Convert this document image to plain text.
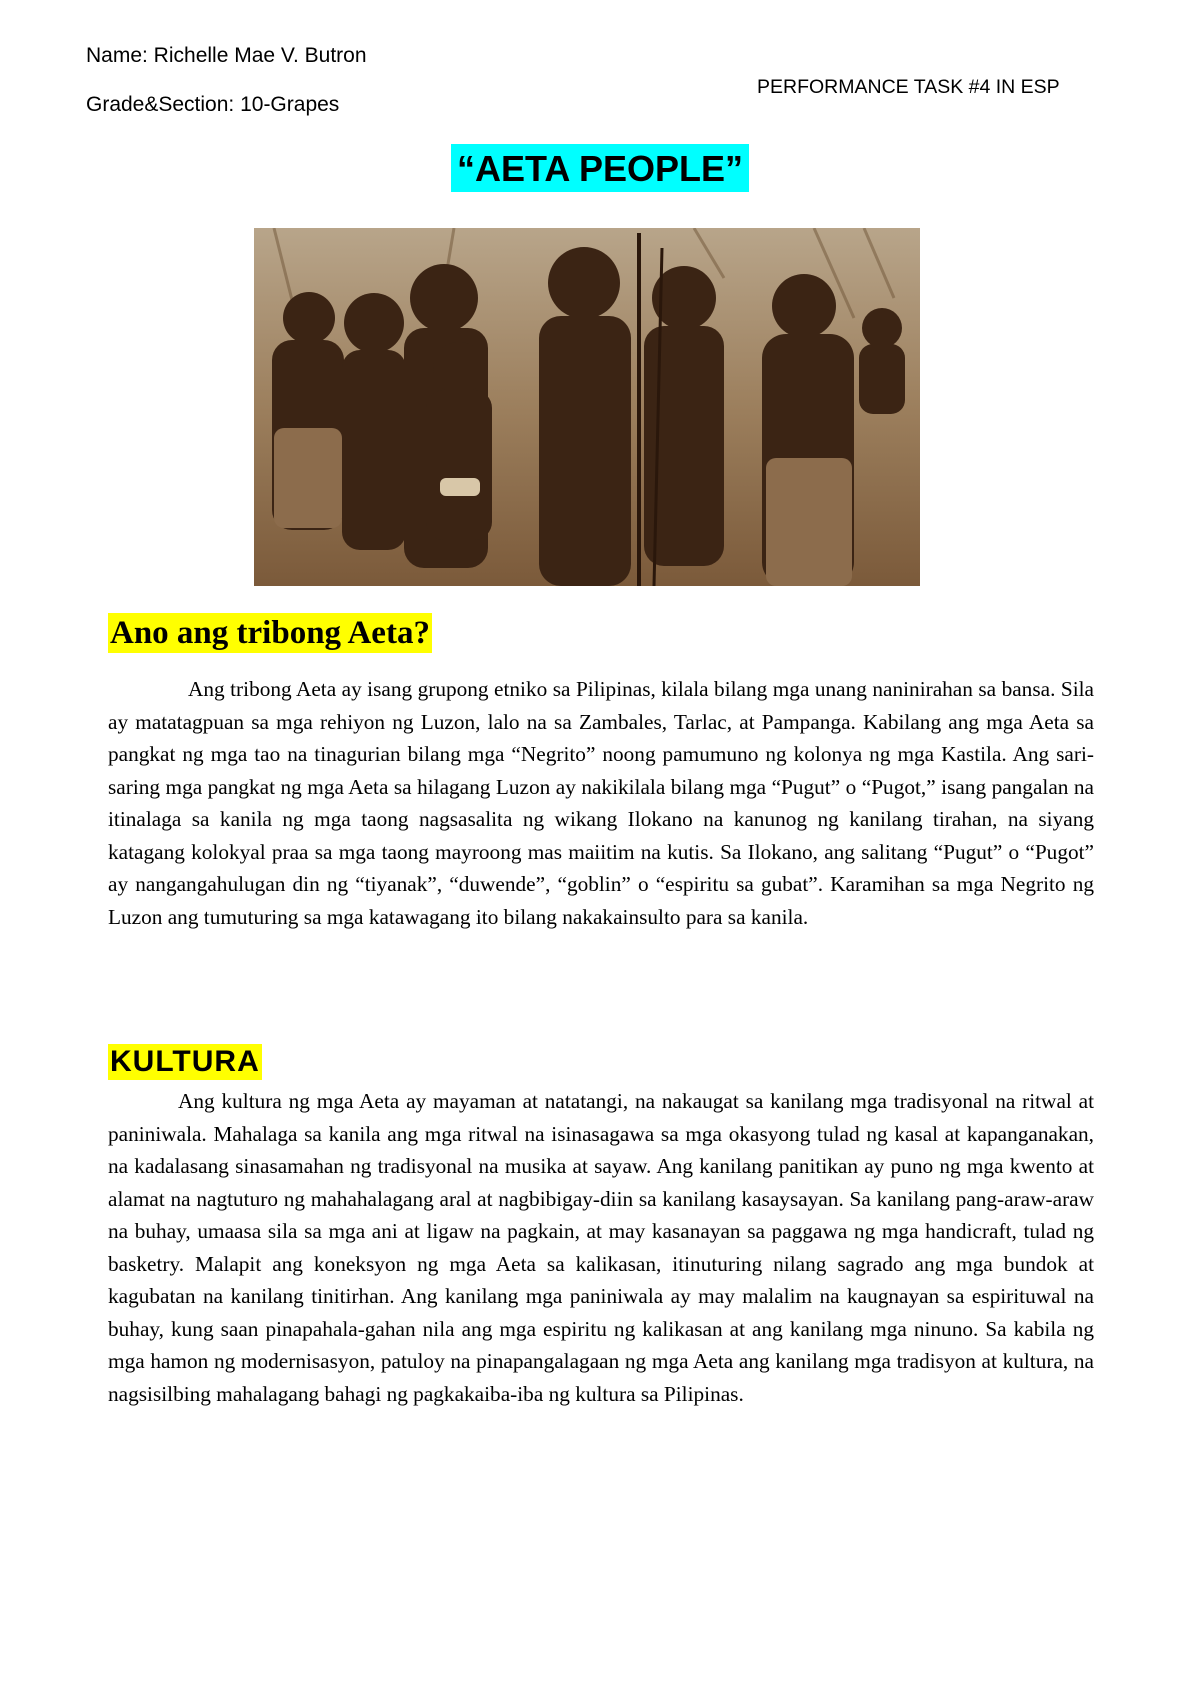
Name: Richelle Mae V. Butron
Grade&Section: 10-Grapes
PERFORMANCE TASK #4 IN ESP
“AETA PEOPLE”
Ano ang tribong Aeta?

Ang tribong Aeta ay isang grupong etniko sa Pilipinas, kilala bilang mga unang naninirahan sa bansa. Sila ay matatagpuan sa mga rehiyon ng Luzon, lalo na sa Zambales, Tarlac, at Pampanga. Kabilang ang mga Aeta sa pangkat ng mga tao na tinagurian bilang mga “Negrito” noong pamumuno ng kolonya ng mga Kastila. Ang sari-saring mga pangkat ng mga Aeta sa hilagang Luzon ay nakikilala bilang mga “Pugut” o “Pugot,” isang pangalan na itinalaga sa kanila ng mga taong nagsasalita ng wikang Ilokano na kanunog ng kanilang tirahan, na siyang katagang kolokyal praa sa mga taong mayroong mas maiitim na kutis. Sa Ilokano, ang salitang “Pugut” o “Pugot” ay nangangahulugan din ng “tiyanak”, “duwende”, “goblin” o “espiritu sa gubat”. Karamihan sa mga Negrito ng Luzon ang tumuturing sa mga katawagang ito bilang nakakainsulto para sa kanila.

KULTURA

Ang kultura ng mga Aeta ay mayaman at natatangi, na nakaugat sa kanilang mga tradisyonal na ritwal at paniniwala. Mahalaga sa kanila ang mga ritwal na isinasagawa sa mga okasyong tulad ng kasal at kapanganakan, na kadalasang sinasamahan ng tradisyonal na musika at sayaw. Ang kanilang panitikan ay puno ng mga kwento at alamat na nagtuturo ng mahahalagang aral at nagbibigay-diin sa kanilang kasaysayan. Sa kanilang pang-araw-araw na buhay, umaasa sila sa mga ani at ligaw na pagkain, at may kasanayan sa paggawa ng mga handicraft, tulad ng basketry. Malapit ang koneksyon ng mga Aeta sa kalikasan, itinuturing nilang sagrado ang mga bundok at kagubatan na kanilang tinitirhan. Ang kanilang mga paniniwala ay may malalim na kaugnayan sa espirituwal na buhay, kung saan pinapahala-gahan nila ang mga espiritu ng kalikasan at ang kanilang mga ninuno. Sa kabila ng mga hamon ng modernisasyon, patuloy na pinapangalagaan ng mga Aeta ang kanilang mga tradisyon at kultura, na nagsisilbing mahalagang bahagi ng pagkakaiba-iba ng kultura sa Pilipinas.
